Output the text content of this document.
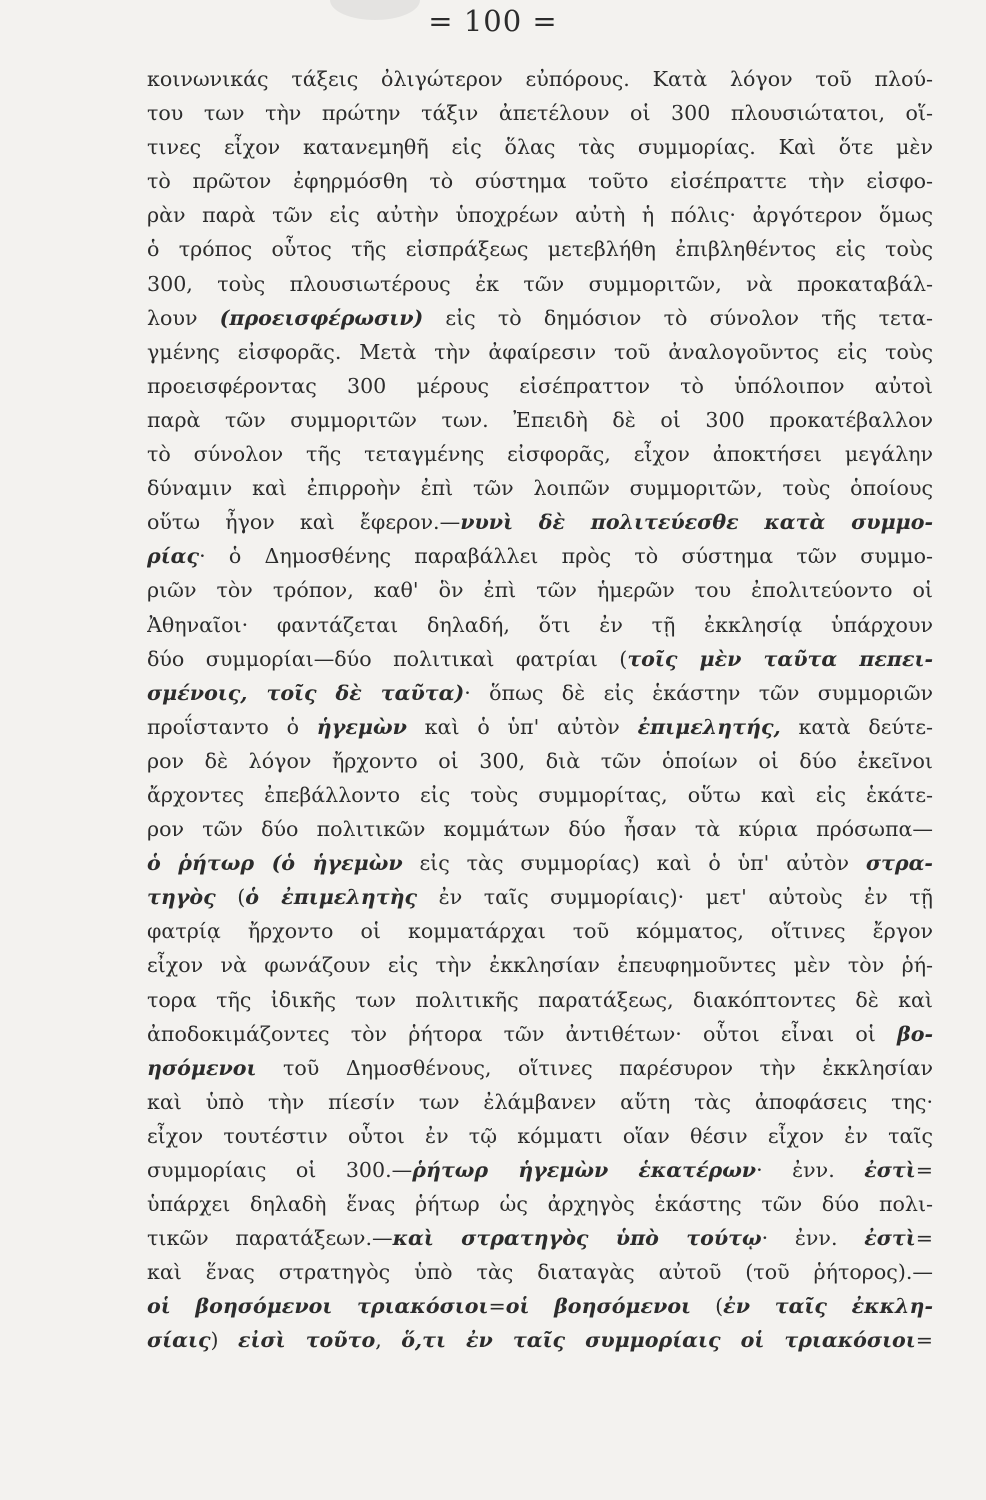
= 100 =
κοινωνικάς τάξεις ὀλιγώτερον εὐπόρους. Κατὰ λόγον τοῦ πλού-
του των τὴν πρώτην τάξιν ἀπετέλουν οἱ 300 πλουσιώτατοι, οἵ-
τινες εἶχον κατανεμηθῆ εἰς ὅλας τὰς συμμορίας. Καὶ ὅτε μὲν
τὸ πρῶτον ἐφηρμόσθη τὸ σύστημα τοῦτο εἰσέπραττε τὴν εἰσφο-
ρὰν παρὰ τῶν εἰς αὐτὴν ὑποχρέων αὐτὴ ἡ πόλις· ἀργότερον ὅμως
ὁ τρόπος οὗτος τῆς εἰσπράξεως μετεβλήθη ἐπιβληθέντος εἰς τοὺς
300, τοὺς πλουσιωτέρους ἐκ τῶν συμμοριτῶν, νὰ προκαταβάλ-
λουν (προεισφέρωσιν) εἰς τὸ δημόσιον τὸ σύνολον τῆς τετα-
γμένης εἰσφορᾶς. Μετὰ τὴν ἀφαίρεσιν τοῦ ἀναλογοῦντος εἰς τοὺς
προεισφέροντας 300 μέρους εἰσέπραττον τὸ ὑπόλοιπον αὐτοὶ
παρὰ τῶν συμμοριτῶν των. Ἐπειδὴ δὲ οἱ 300 προκατέβαλλον
τὸ σύνολον τῆς τεταγμένης εἰσφορᾶς, εἶχον ἀποκτήσει μεγάλην
δύναμιν καὶ ἐπιρροὴν ἐπὶ τῶν λοιπῶν συμμοριτῶν, τοὺς ὁποίους
οὕτω ἦγον καὶ ἔφερον.—νυνὶ δὲ πολιτεύεσθε κατὰ συμμο-
ρίας· ὁ Δημοσθένης παραβάλλει πρὸς τὸ σύστημα τῶν συμμο-
ριῶν τὸν τρόπον, καθ' ὃν ἐπὶ τῶν ἡμερῶν του ἐπολιτεύοντο οἱ
Ἀθηναῖοι· φαντάζεται δηλαδή, ὅτι ἐν τῇ ἐκκλησίᾳ ὑπάρχουν
δύο συμμορίαι—δύο πολιτικαὶ φατρίαι (τοῖς μὲν ταῦτα πεπει-
σμένοις, τοῖς δὲ ταῦτα)· ὅπως δὲ εἰς ἑκάστην τῶν συμμοριῶν
προΐσταντο ὁ ἡγεμὼν καὶ ὁ ὑπ' αὐτὸν ἐπιμελητής, κατὰ δεύτε-
ρον δὲ λόγον ἤρχοντο οἱ 300, διὰ τῶν ὁποίων οἱ δύο ἐκεῖνοι
ἄρχοντες ἐπεβάλλοντο εἰς τοὺς συμμορίτας, οὕτω καὶ εἰς ἑκάτε-
ρον τῶν δύο πολιτικῶν κομμάτων δύο ἦσαν τὰ κύρια πρόσωπα—
ὁ ῥήτωρ (ὁ ἡγεμὼν εἰς τὰς συμμορίας) καὶ ὁ ὑπ' αὐτὸν στρα-
τηγὸς (ὁ ἐπιμελητὴς ἐν ταῖς συμμορίαις)· μετ' αὐτοὺς ἐν τῇ
φατρίᾳ ἤρχοντο οἱ κομματάρχαι τοῦ κόμματος, οἵτινες ἔργον
εἶχον νὰ φωνάζουν εἰς τὴν ἐκκλησίαν ἐπευφημοῦντες μὲν τὸν ῥή-
τορα τῆς ἰδικῆς των πολιτικῆς παρατάξεως, διακόπτοντες δὲ καὶ
ἀποδοκιμάζοντες τὸν ῥήτορα τῶν ἀντιθέτων· οὗτοι εἶναι οἱ βο-
ησόμενοι τοῦ Δημοσθένους, οἵτινες παρέσυρον τὴν ἐκκλησίαν
καὶ ὑπὸ τὴν πίεσίν των ἐλάμβανεν αὕτη τὰς ἀποφάσεις της·
εἶχον τουτέστιν οὗτοι ἐν τῷ κόμματι οἵαν θέσιν εἶχον ἐν ταῖς
συμμορίαις οἱ 300.—ῥήτωρ ἡγεμὼν ἑκατέρων· ἐνν. ἐστὶ=
ὑπάρχει δηλαδὴ ἕνας ῥήτωρ ὡς ἀρχηγὸς ἑκάστης τῶν δύο πολι-
τικῶν παρατάξεων.—καὶ στρατηγὸς ὑπὸ τούτῳ· ἐνν. ἐστὶ=
καὶ ἕνας στρατηγὸς ὑπὸ τὰς διαταγὰς αὐτοῦ (τοῦ ῥήτορος).—
οἱ βοησόμενοι τριακόσιοι=οἱ βοησόμενοι (ἐν ταῖς ἐκκλη-
σίαις) εἰσὶ τοῦτο, ὅ,τι ἐν ταῖς συμμορίαις οἱ τριακόσιοι=
